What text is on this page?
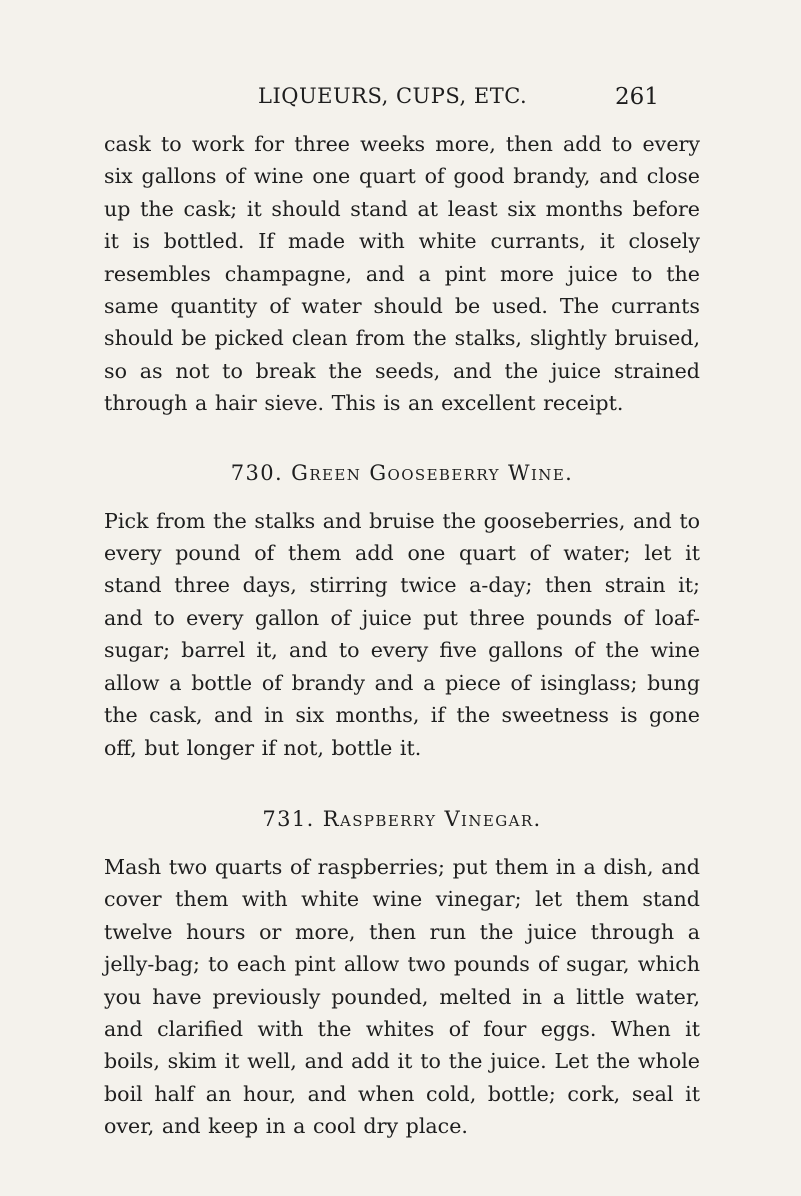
LIQUEURS, CUPS, ETC.	261

cask to work for three weeks more, then add to every six gallons of wine one quart of good brandy, and close up the cask; it should stand at least six months before it is bottled. If made with white currants, it closely resembles champagne, and a pint more juice to the same quantity of water should be used. The currants should be picked clean from the stalks, slightly bruised, so as not to break the seeds, and the juice strained through a hair sieve. This is an excellent receipt.

730. Green Gooseberry Wine.

Pick from the stalks and bruise the gooseberries, and to every pound of them add one quart of water; let it stand three days, stirring twice a-day; then strain it; and to every gallon of juice put three pounds of loaf-sugar; barrel it, and to every five gallons of the wine allow a bottle of brandy and a piece of isinglass; bung the cask, and in six months, if the sweetness is gone off, but longer if not, bottle it.

731. Raspberry Vinegar.

Mash two quarts of raspberries; put them in a dish, and cover them with white wine vinegar; let them stand twelve hours or more, then run the juice through a jelly-bag; to each pint allow two pounds of sugar, which you have previously pounded, melted in a little water, and clarified with the whites of four eggs. When it boils, skim it well, and add it to the juice. Let the whole boil half an hour, and when cold, bottle; cork, seal it over, and keep in a cool dry place.
